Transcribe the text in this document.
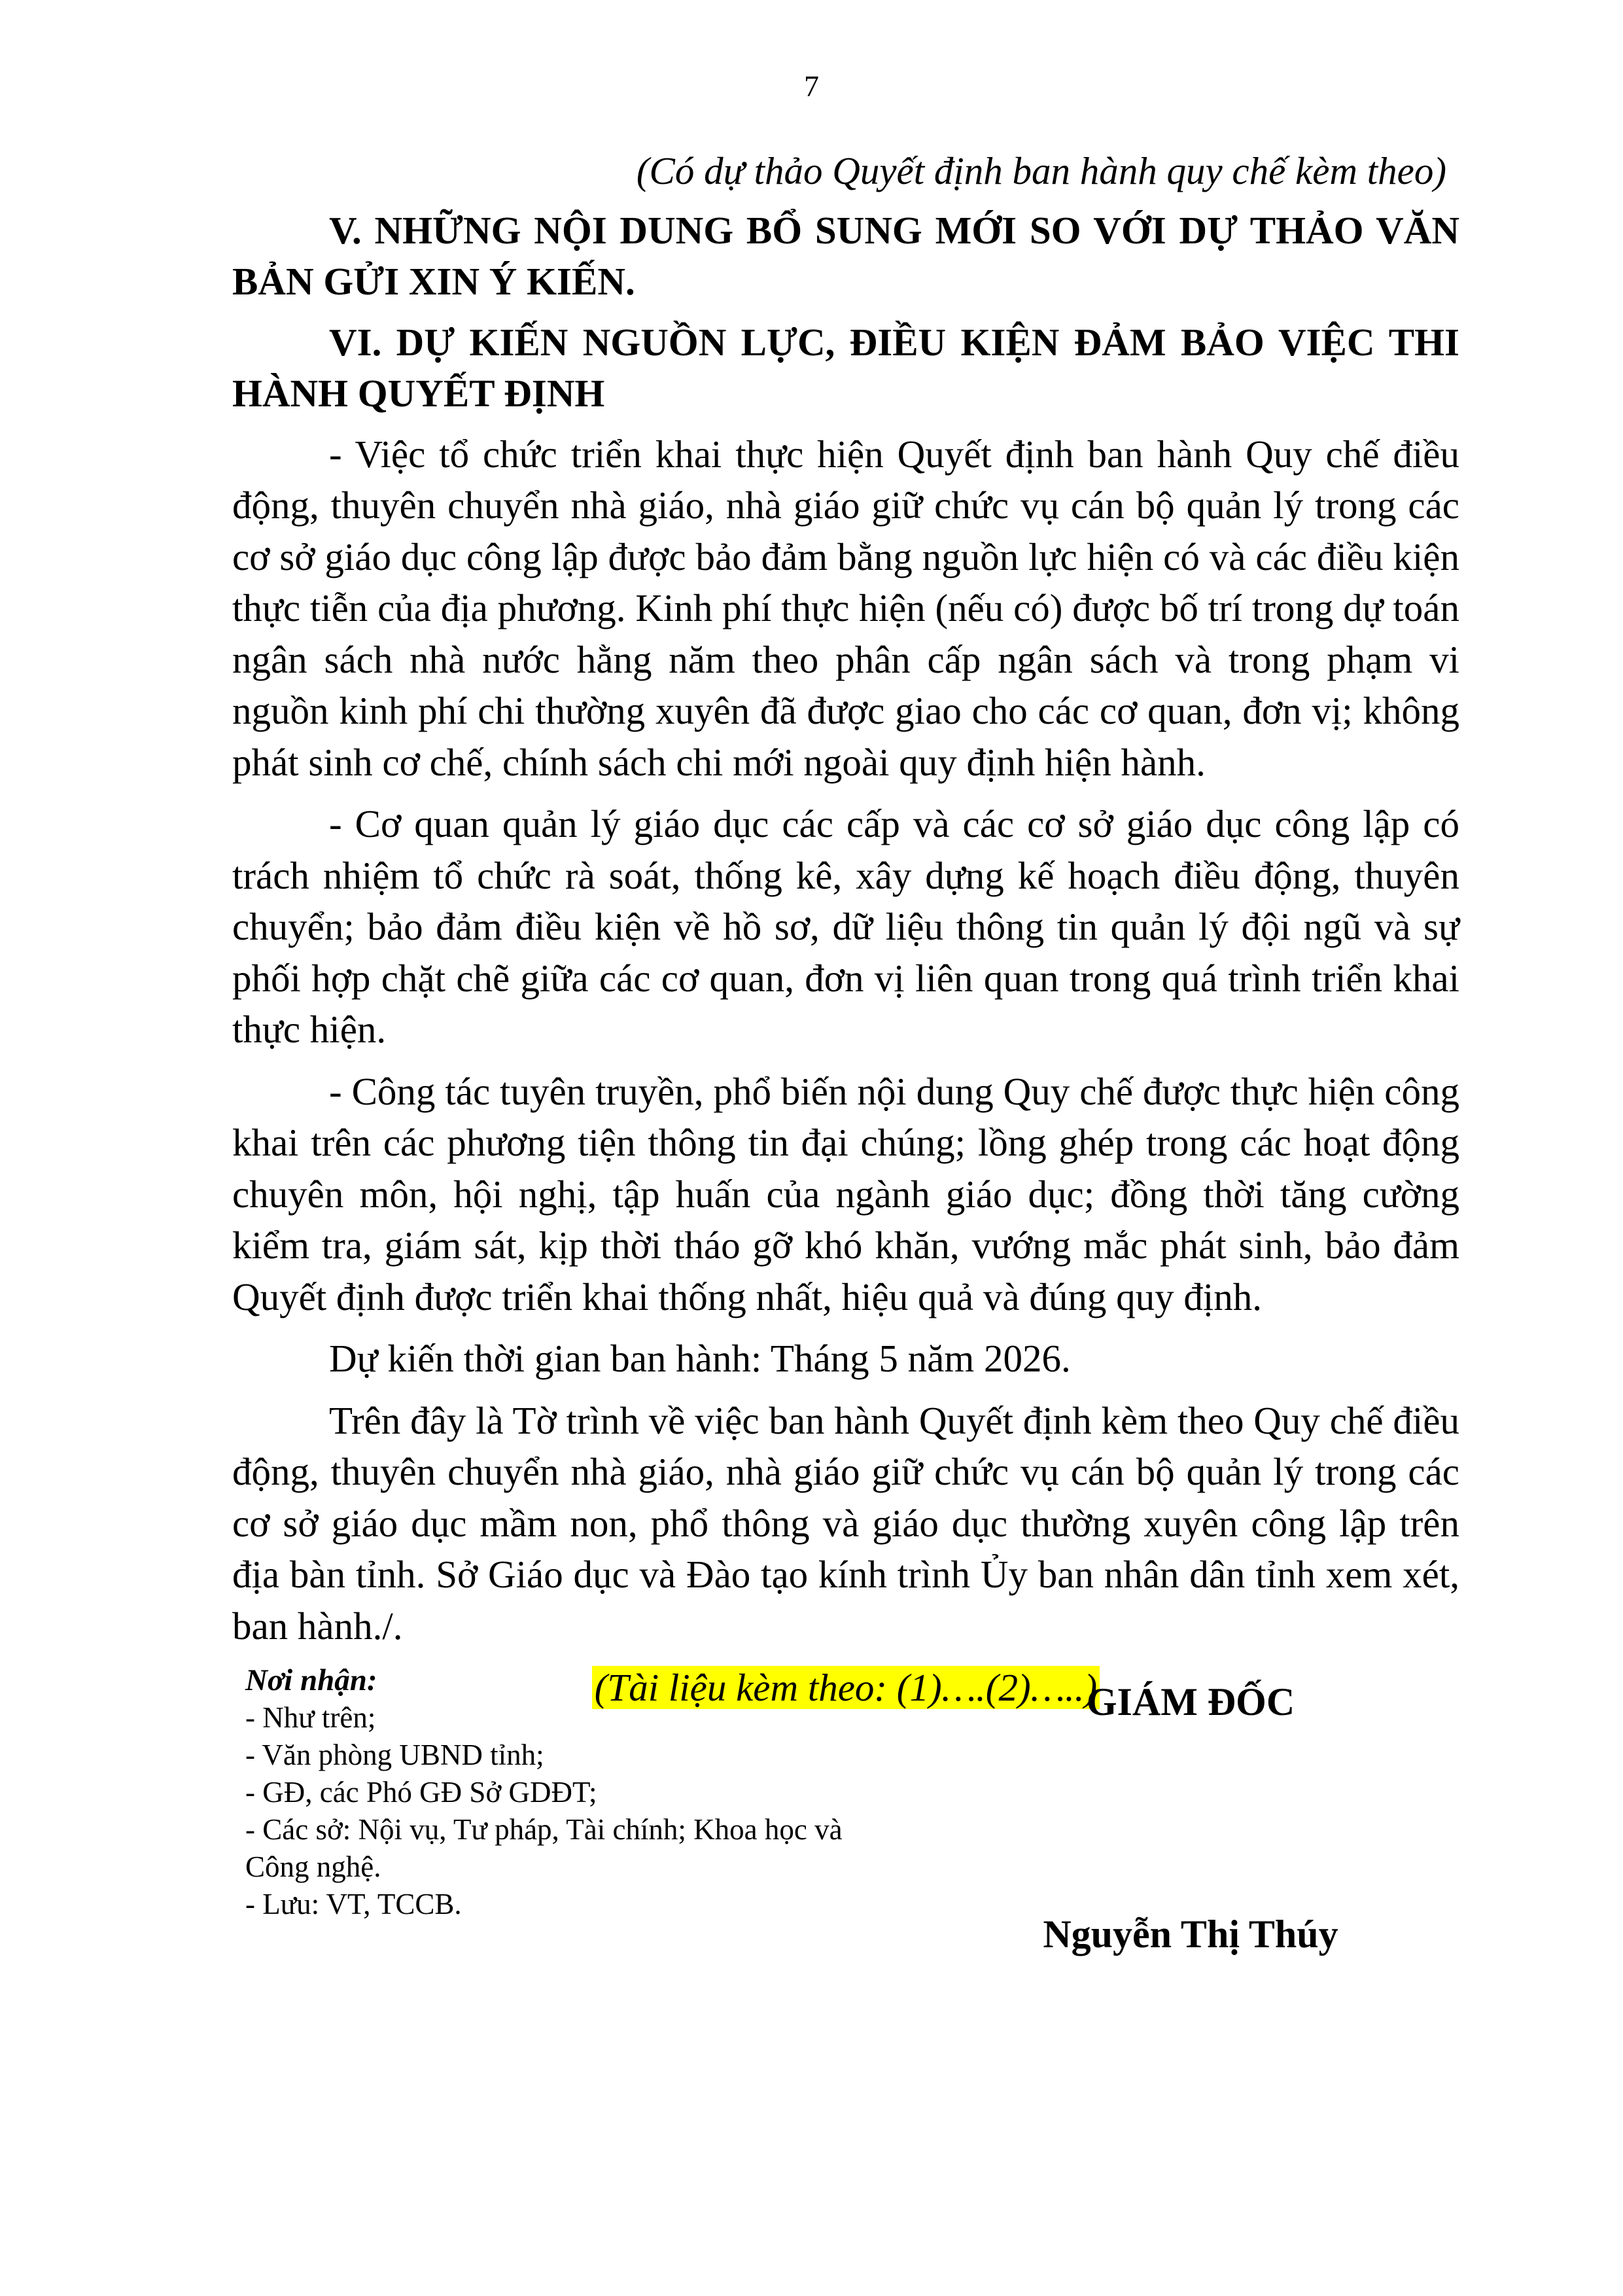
7

(Có dự thảo Quyết định ban hành quy chế kèm theo)

V. NHỮNG NỘI DUNG BỔ SUNG MỚI SO VỚI DỰ THẢO VĂN BẢN GỬI XIN Ý KIẾN.

VI. DỰ KIẾN NGUỒN LỰC, ĐIỀU KIỆN ĐẢM BẢO VIỆC THI HÀNH QUYẾT ĐỊNH

- Việc tổ chức triển khai thực hiện Quyết định ban hành Quy chế điều động, thuyên chuyển nhà giáo, nhà giáo giữ chức vụ cán bộ quản lý trong các cơ sở giáo dục công lập được bảo đảm bằng nguồn lực hiện có và các điều kiện thực tiễn của địa phương. Kinh phí thực hiện (nếu có) được bố trí trong dự toán ngân sách nhà nước hằng năm theo phân cấp ngân sách và trong phạm vi nguồn kinh phí chi thường xuyên đã được giao cho các cơ quan, đơn vị; không phát sinh cơ chế, chính sách chi mới ngoài quy định hiện hành.

- Cơ quan quản lý giáo dục các cấp và các cơ sở giáo dục công lập có trách nhiệm tổ chức rà soát, thống kê, xây dựng kế hoạch điều động, thuyên chuyển; bảo đảm điều kiện về hồ sơ, dữ liệu thông tin quản lý đội ngũ và sự phối hợp chặt chẽ giữa các cơ quan, đơn vị liên quan trong quá trình triển khai thực hiện.

- Công tác tuyên truyền, phổ biến nội dung Quy chế được thực hiện công khai trên các phương tiện thông tin đại chúng; lồng ghép trong các hoạt động chuyên môn, hội nghị, tập huấn của ngành giáo dục; đồng thời tăng cường kiểm tra, giám sát, kịp thời tháo gỡ khó khăn, vướng mắc phát sinh, bảo đảm Quyết định được triển khai thống nhất, hiệu quả và đúng quy định.

Dự kiến thời gian ban hành: Tháng 5 năm 2026.

Trên đây là Tờ trình về việc ban hành Quyết định kèm theo Quy chế điều động, thuyên chuyển nhà giáo, nhà giáo giữ chức vụ cán bộ quản lý trong các cơ sở giáo dục mầm non, phổ thông và giáo dục thường xuyên công lập trên địa bàn tỉnh. Sở Giáo dục và Đào tạo kính trình Ủy ban nhân dân tỉnh xem xét, ban hành./.

(Tài liệu kèm theo: (1)….(2)…..)

Nơi nhận:
- Như trên;
- Văn phòng UBND tỉnh;
- GĐ, các Phó GĐ Sở GDĐT;
- Các sở: Nội vụ, Tư pháp, Tài chính; Khoa học và Công nghệ.
- Lưu: VT, TCCB.
GIÁM ĐỐC
Nguyễn Thị Thúy
